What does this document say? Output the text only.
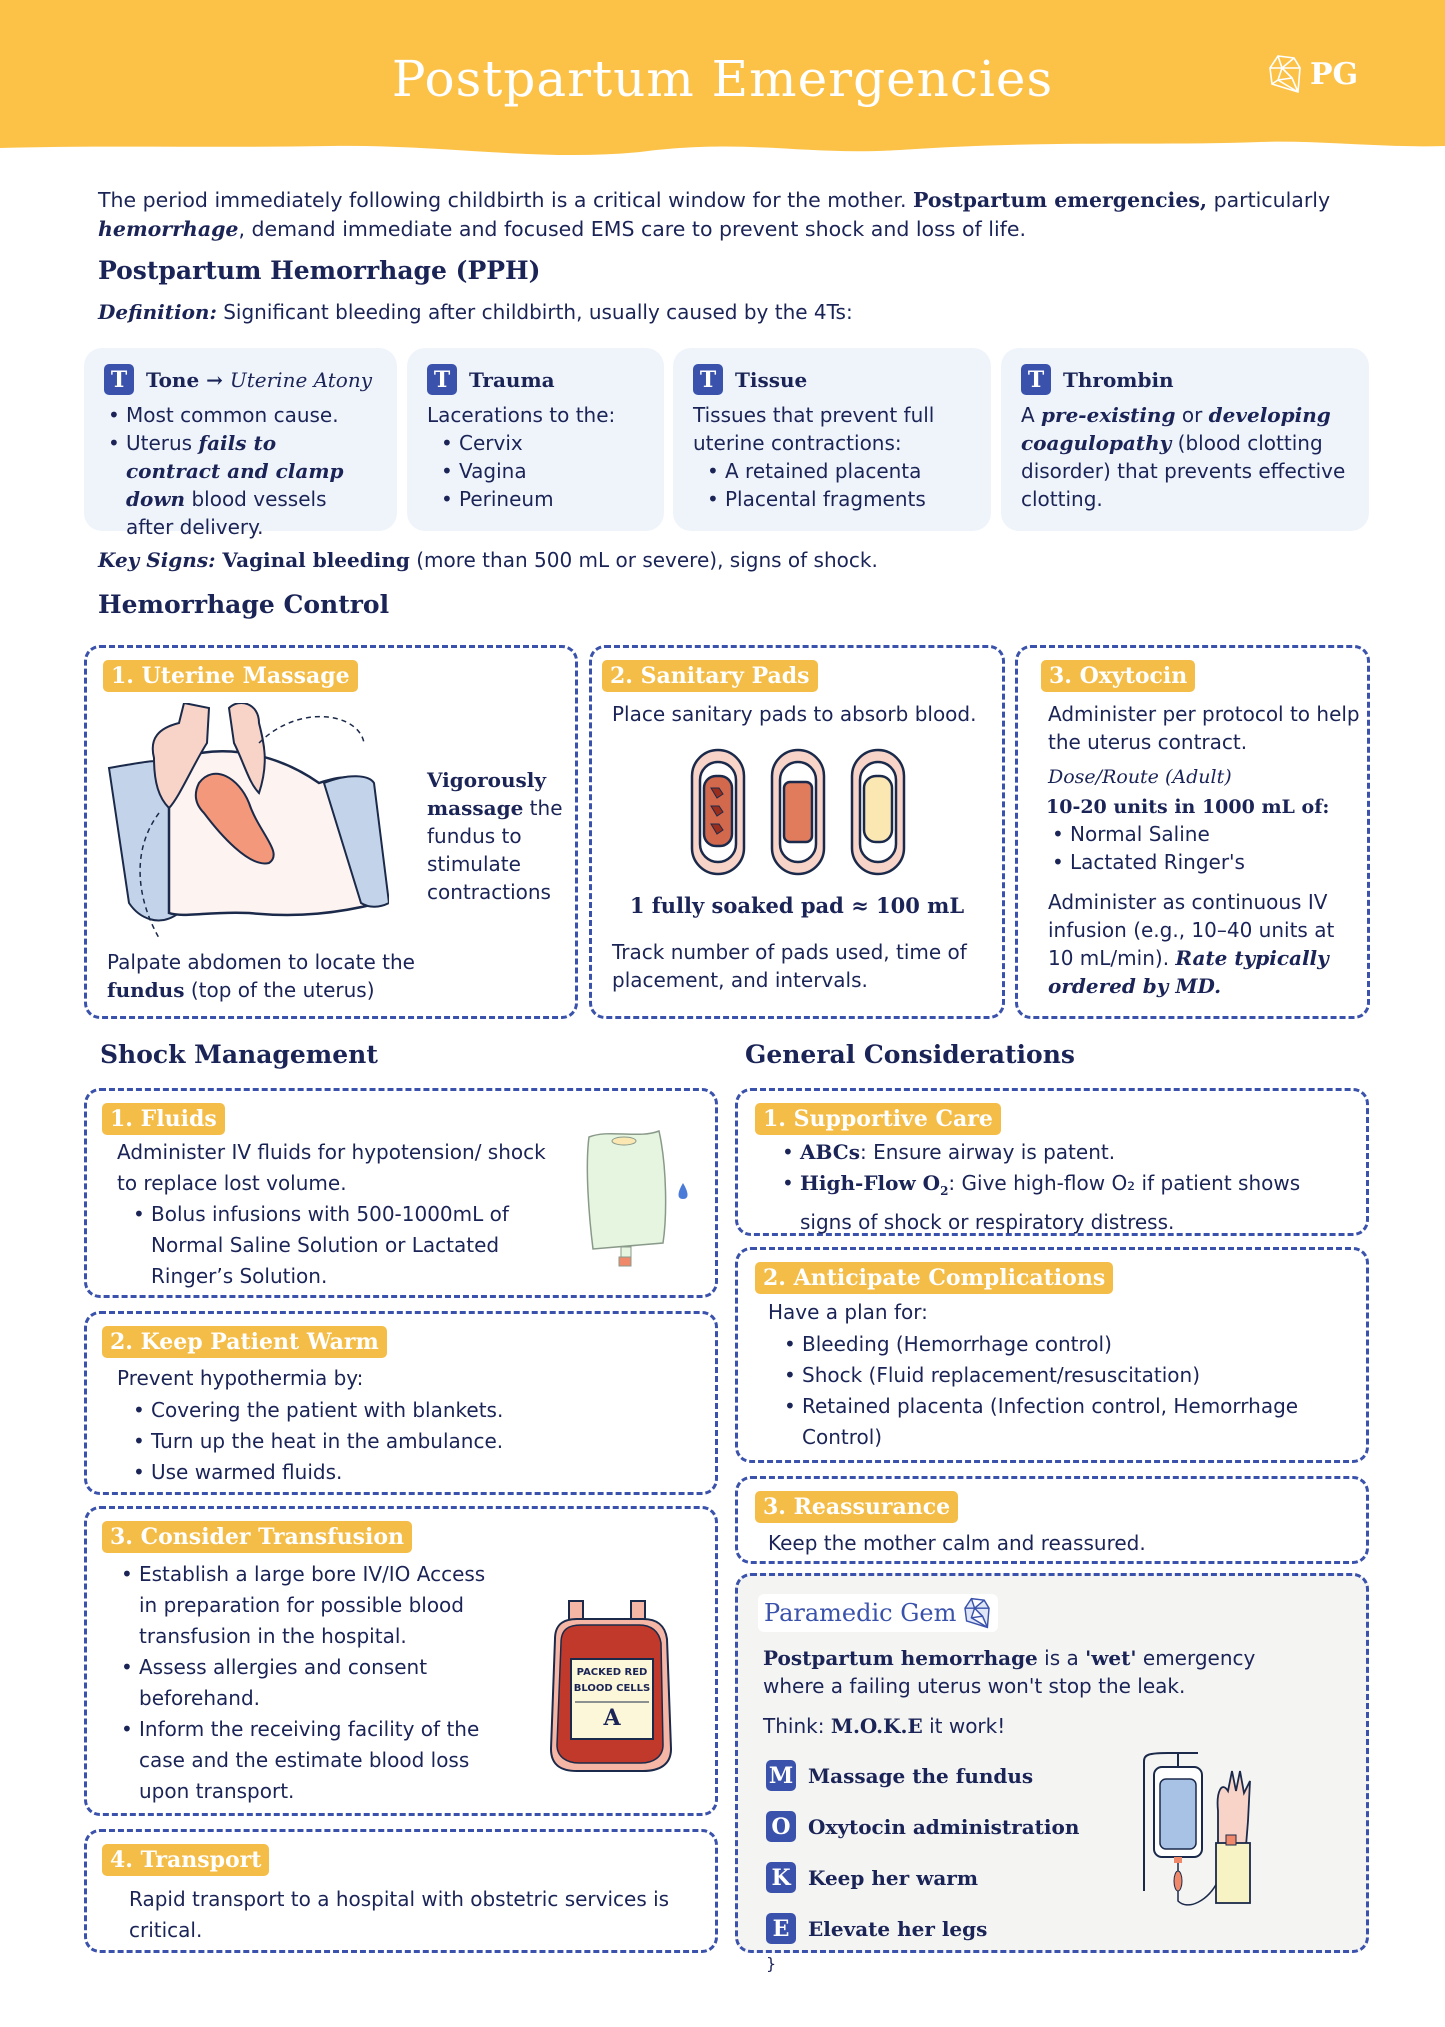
Postpartum Emergencies	PG

The period immediately following childbirth is a critical window for the mother. Postpartum emergencies, particularly hemorrhage, demand immediate and focused EMS care to prevent shock and loss of life.

Postpartum Hemorrhage (PPH)

Definition: Significant bleeding after childbirth, usually caused by the 4Ts:

T Tone → Uterine Atony
• Most common cause.
• Uterus fails to contract and clamp down blood vessels after delivery.
T Trauma
Lacerations to the:
• Cervix
• Vagina
• Perineum
T Tissue
Tissues that prevent full uterine contractions:
• A retained placenta
• Placental fragments
T Thrombin
A pre-existing or developing coagulopathy (blood clotting disorder) that prevents effective clotting.

Key Signs: Vaginal bleeding (more than 500 mL or severe), signs of shock.

Hemorrhage Control
1. Uterine Massage
Vigorously massage the fundus to stimulate contractions
Palpate abdomen to locate the fundus (top of the uterus)
2. Sanitary Pads
Place sanitary pads to absorb blood.
1 fully soaked pad ≈ 100 mL
Track number of pads used, time of placement, and intervals.
3. Oxytocin
Administer per protocol to help the uterus contract.
Dose/Route (Adult)
10-20 units in 1000 mL of:
• Normal Saline
• Lactated Ringer's
Administer as continuous IV infusion (e.g., 10–40 units at 10 mL/min). Rate typically ordered by MD.
Shock Management
1. Fluids
Administer IV fluids for hypotension/ shock to replace lost volume.
• Bolus infusions with 500-1000mL of Normal Saline Solution or Lactated Ringer’s Solution.
2. Keep Patient Warm
Prevent hypothermia by:
• Covering the patient with blankets.
• Turn up the heat in the ambulance.
• Use warmed fluids.
3. Consider Transfusion
• Establish a large bore IV/IO Access in preparation for possible blood transfusion in the hospital.
• Assess allergies and consent beforehand.
• Inform the receiving facility of the case and the estimate blood loss upon transport.
PACKED RED
BLOOD CELLS
A
4. Transport
Rapid transport to a hospital with obstetric services is critical.
General Considerations
1. Supportive Care
• ABCs: Ensure airway is patent.
• High-Flow $O_2$: Give high-flow O₂ if patient shows signs of shock or respiratory distress.
2. Anticipate Complications
Have a plan for:
• Bleeding (Hemorrhage control)
• Shock (Fluid replacement/resuscitation)
• Retained placenta (Infection control, Hemorrhage Control)
3. Reassurance
Keep the mother calm and reassured.
Paramedic Gem
Postpartum hemorrhage is a 'wet' emergency where a failing uterus won't stop the leak.
Think: M.O.K.E it work!
M Massage the fundus
O Oxytocin administration
K Keep her warm
E Elevate her legs
}
